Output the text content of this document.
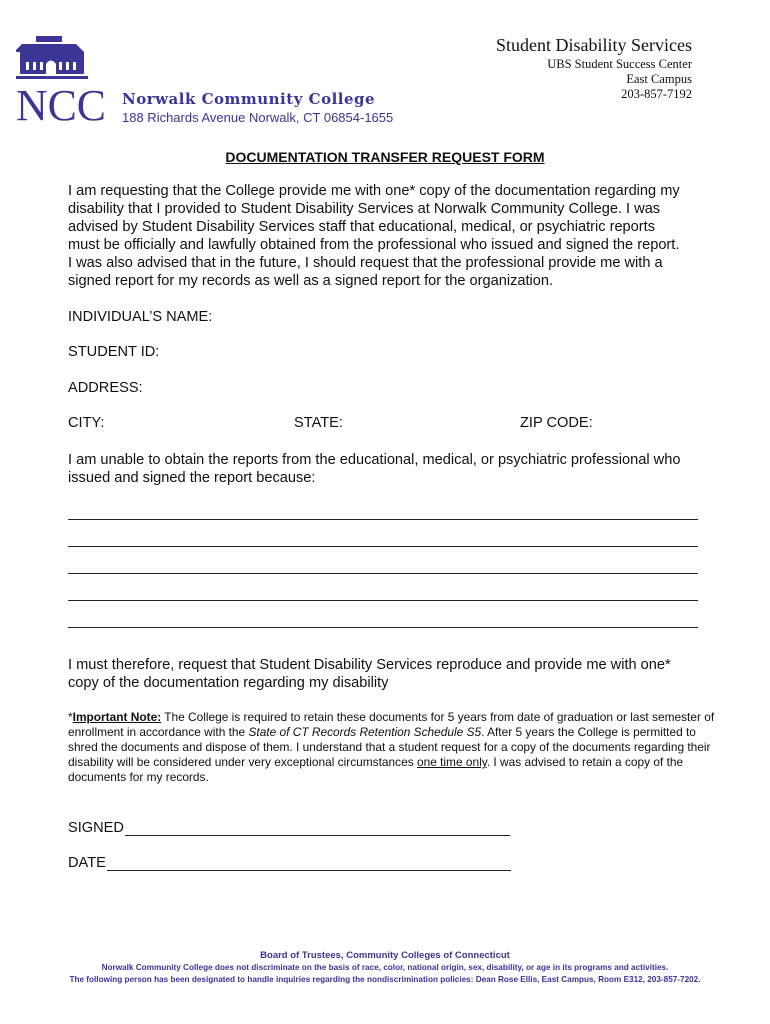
NCC Norwalk Community College
188 Richards Avenue Norwalk, CT 06854-1655
Student Disability Services
UBS Student Success Center
East Campus
203-857-7192
DOCUMENTATION TRANSFER REQUEST FORM
I am requesting that the College provide me with one* copy of the documentation regarding my
disability that I provided to Student Disability Services at Norwalk Community College. I was
advised by Student Disability Services staff that educational, medical, or psychiatric reports
must be officially and lawfully obtained from the professional who issued and signed the report.
I was also advised that in the future, I should request that the professional provide me with a
signed report for my records as well as a signed report for the organization.
INDIVIDUAL’S NAME:
STUDENT ID:
ADDRESS:
CITY:	STATE:	ZIP CODE:
I am unable to obtain the reports from the educational, medical, or psychiatric professional who
issued and signed the report because:
I must therefore, request that Student Disability Services reproduce and provide me with one*
copy of the documentation regarding my disability
*Important Note: The College is required to retain these documents for 5 years from date of graduation or last semester of enrollment in accordance with the State of CT Records Retention Schedule S5. After 5 years the College is permitted to shred the documents and dispose of them. I understand that a student request for a copy of the documents regarding their disability will be considered under very exceptional circumstances one time only. I was advised to retain a copy of the documents for my records.
SIGNED
DATE
Board of Trustees, Community Colleges of Connecticut
Norwalk Community College does not discriminate on the basis of race, color, national origin, sex, disability, or age in its programs and activities.
The following person has been designated to handle inquiries regarding the nondiscrimination policies: Dean Rose Ellis, East Campus, Room E312, 203-857-7202.
